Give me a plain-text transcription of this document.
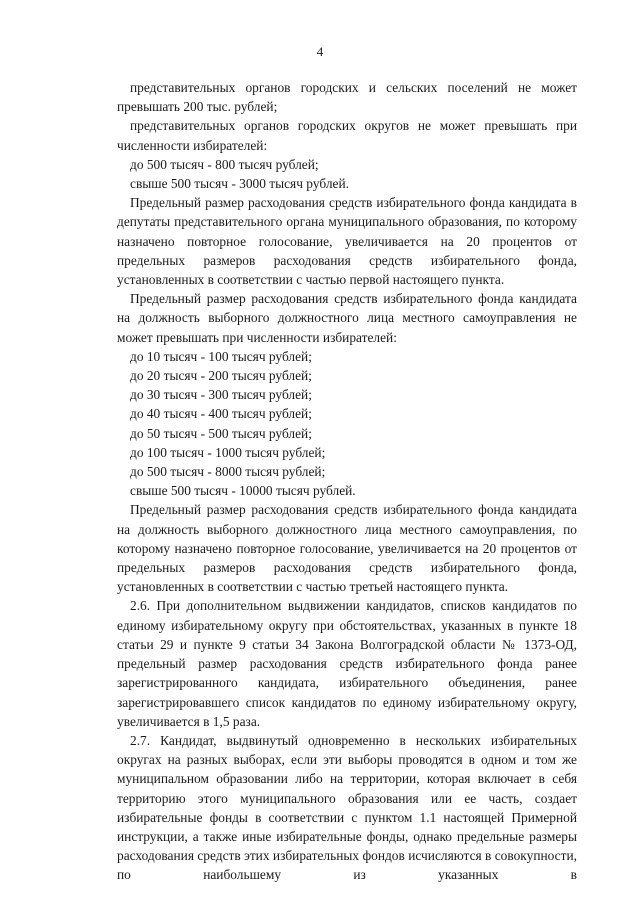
4

представительных органов городских и сельских поселений не может превышать 200 тыс. рублей;

представительных органов городских округов не может превышать при численности избирателей:

до 500 тысяч - 800 тысяч рублей;

свыше 500 тысяч - 3000 тысяч рублей.

Предельный размер расходования средств избирательного фонда кандидата в депутаты представительного органа муниципального образования, по которому назначено повторное голосование, увеличивается на 20 процентов от предельных размеров расходования средств избирательного фонда, установленных в соответствии с частью первой настоящего пункта.

Предельный размер расходования средств избирательного фонда кандидата на должность выборного должностного лица местного самоуправления не может превышать при численности избирателей:

до 10 тысяч - 100 тысяч рублей;

до 20 тысяч - 200 тысяч рублей;

до 30 тысяч - 300 тысяч рублей;

до 40 тысяч - 400 тысяч рублей;

до 50 тысяч - 500 тысяч рублей;

до 100 тысяч - 1000 тысяч рублей;

до 500 тысяч - 8000 тысяч рублей;

свыше 500 тысяч - 10000 тысяч рублей.

Предельный размер расходования средств избирательного фонда кандидата на должность выборного должностного лица местного самоуправления, по которому назначено повторное голосование, увеличивается на 20 процентов от предельных размеров расходования средств избирательного фонда, установленных в соответствии с частью третьей настоящего пункта.

2.6. При дополнительном выдвижении кандидатов, списков кандидатов по единому избирательному округу при обстоятельствах, указанных в пункте 18 статьи 29 и пункте 9 статьи 34 Закона Волгоградской области № 1373-ОД, предельный размер расходования средств избирательного фонда ранее зарегистрированного кандидата, избирательного объединения, ранее зарегистрировавшего список кандидатов по единому избирательному округу, увеличивается в 1,5 раза.

2.7. Кандидат, выдвинутый одновременно в нескольких избирательных округах на разных выборах, если эти выборы проводятся в одном и том же муниципальном образовании либо на территории, которая включает в себя территорию этого муниципального образования или ее часть, создает избирательные фонды в соответствии с пунктом 1.1 настоящей Примерной инструкции, а также иные избирательные фонды, однако предельные размеры расходования средств этих избирательных фондов исчисляются в совокупности, по наибольшему из указанных в
